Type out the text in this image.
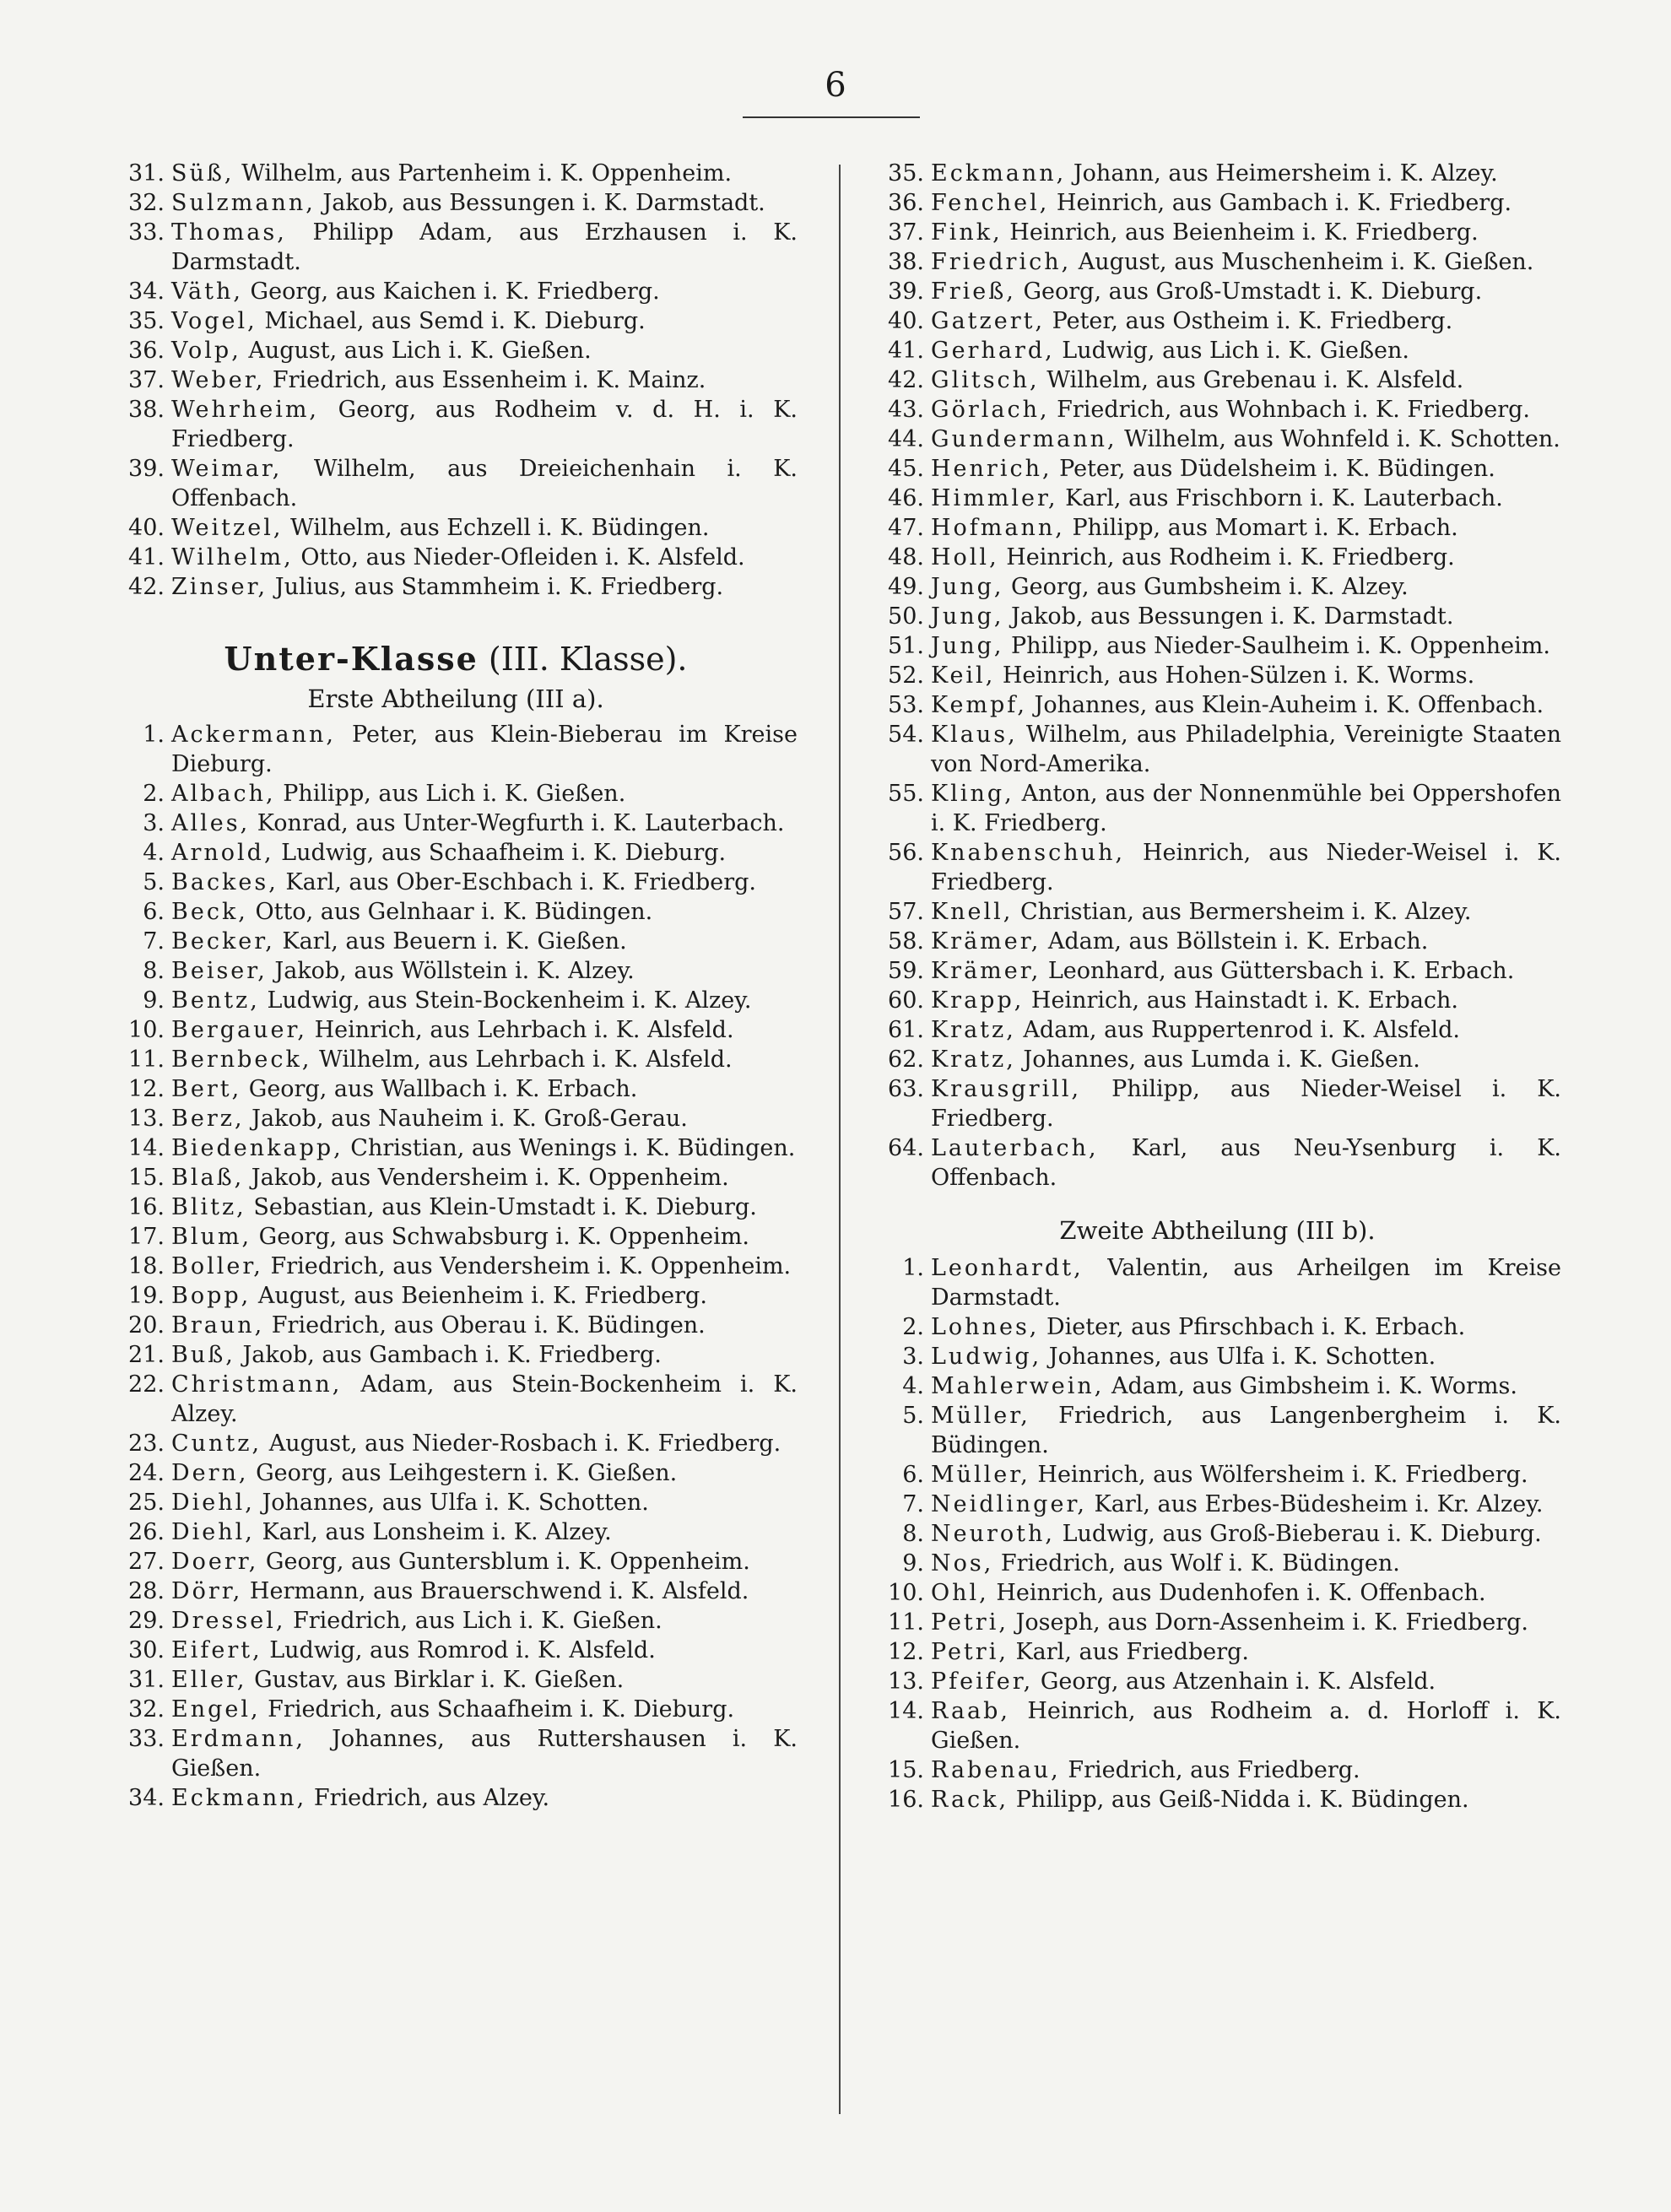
6

31. Süß, Wilhelm, aus Partenheim i. K. Oppenheim.

32. Sulzmann, Jakob, aus Bessungen i. K. Darmstadt.

33. Thomas, Philipp Adam, aus Erzhausen i. K. Darmstadt.

34. Väth, Georg, aus Kaichen i. K. Friedberg.

35. Vogel, Michael, aus Semd i. K. Dieburg.

36. Volp, August, aus Lich i. K. Gießen.

37. Weber, Friedrich, aus Essenheim i. K. Mainz.

38. Wehrheim, Georg, aus Rodheim v. d. H. i. K. Friedberg.

39. Weimar, Wilhelm, aus Dreieichenhain i. K. Offenbach.

40. Weitzel, Wilhelm, aus Echzell i. K. Büdingen.

41. Wilhelm, Otto, aus Nieder-Ofleiden i. K. Alsfeld.

42. Zinser, Julius, aus Stammheim i. K. Friedberg.

Unter-Klasse (III. Klasse).
Erste Abtheilung (III a).

1. Ackermann, Peter, aus Klein-Bieberau im Kreise Dieburg.

2. Albach, Philipp, aus Lich i. K. Gießen.

3. Alles, Konrad, aus Unter-Wegfurth i. K. Lauterbach.

4. Arnold, Ludwig, aus Schaafheim i. K. Dieburg.

5. Backes, Karl, aus Ober-Eschbach i. K. Friedberg.

6. Beck, Otto, aus Gelnhaar i. K. Büdingen.

7. Becker, Karl, aus Beuern i. K. Gießen.

8. Beiser, Jakob, aus Wöllstein i. K. Alzey.

9. Bentz, Ludwig, aus Stein-Bockenheim i. K. Alzey.

10. Bergauer, Heinrich, aus Lehrbach i. K. Alsfeld.

11. Bernbeck, Wilhelm, aus Lehrbach i. K. Alsfeld.

12. Bert, Georg, aus Wallbach i. K. Erbach.

13. Berz, Jakob, aus Nauheim i. K. Groß-Gerau.

14. Biedenkapp, Christian, aus Wenings i. K. Büdingen.

15. Blaß, Jakob, aus Vendersheim i. K. Oppenheim.

16. Blitz, Sebastian, aus Klein-Umstadt i. K. Dieburg.

17. Blum, Georg, aus Schwabsburg i. K. Oppenheim.

18. Boller, Friedrich, aus Vendersheim i. K. Oppenheim.

19. Bopp, August, aus Beienheim i. K. Friedberg.

20. Braun, Friedrich, aus Oberau i. K. Büdingen.

21. Buß, Jakob, aus Gambach i. K. Friedberg.

22. Christmann, Adam, aus Stein-Bockenheim i. K. Alzey.

23. Cuntz, August, aus Nieder-Rosbach i. K. Friedberg.

24. Dern, Georg, aus Leihgestern i. K. Gießen.

25. Diehl, Johannes, aus Ulfa i. K. Schotten.

26. Diehl, Karl, aus Lonsheim i. K. Alzey.

27. Doerr, Georg, aus Guntersblum i. K. Oppenheim.

28. Dörr, Hermann, aus Brauerschwend i. K. Alsfeld.

29. Dressel, Friedrich, aus Lich i. K. Gießen.

30. Eifert, Ludwig, aus Romrod i. K. Alsfeld.

31. Eller, Gustav, aus Birklar i. K. Gießen.

32. Engel, Friedrich, aus Schaafheim i. K. Dieburg.

33. Erdmann, Johannes, aus Ruttershausen i. K. Gießen.

34. Eckmann, Friedrich, aus Alzey.

35. Eckmann, Johann, aus Heimersheim i. K. Alzey.

36. Fenchel, Heinrich, aus Gambach i. K. Friedberg.

37. Fink, Heinrich, aus Beienheim i. K. Friedberg.

38. Friedrich, August, aus Muschenheim i. K. Gießen.

39. Frieß, Georg, aus Groß-Umstadt i. K. Dieburg.

40. Gatzert, Peter, aus Ostheim i. K. Friedberg.

41. Gerhard, Ludwig, aus Lich i. K. Gießen.

42. Glitsch, Wilhelm, aus Grebenau i. K. Alsfeld.

43. Görlach, Friedrich, aus Wohnbach i. K. Friedberg.

44. Gundermann, Wilhelm, aus Wohnfeld i. K. Schotten.

45. Henrich, Peter, aus Düdelsheim i. K. Büdingen.

46. Himmler, Karl, aus Frischborn i. K. Lauterbach.

47. Hofmann, Philipp, aus Momart i. K. Erbach.

48. Holl, Heinrich, aus Rodheim i. K. Friedberg.

49. Jung, Georg, aus Gumbsheim i. K. Alzey.

50. Jung, Jakob, aus Bessungen i. K. Darmstadt.

51. Jung, Philipp, aus Nieder-Saulheim i. K. Oppenheim.

52. Keil, Heinrich, aus Hohen-Sülzen i. K. Worms.

53. Kempf, Johannes, aus Klein-Auheim i. K. Offenbach.

54. Klaus, Wilhelm, aus Philadelphia, Vereinigte Staaten von Nord-Amerika.

55. Kling, Anton, aus der Nonnenmühle bei Oppershofen i. K. Friedberg.

56. Knabenschuh, Heinrich, aus Nieder-Weisel i. K. Friedberg.

57. Knell, Christian, aus Bermersheim i. K. Alzey.

58. Krämer, Adam, aus Böllstein i. K. Erbach.

59. Krämer, Leonhard, aus Güttersbach i. K. Erbach.

60. Krapp, Heinrich, aus Hainstadt i. K. Erbach.

61. Kratz, Adam, aus Ruppertenrod i. K. Alsfeld.

62. Kratz, Johannes, aus Lumda i. K. Gießen.

63. Krausgrill, Philipp, aus Nieder-Weisel i. K. Friedberg.

64. Lauterbach, Karl, aus Neu-Ysenburg i. K. Offenbach.

Zweite Abtheilung (III b).

1. Leonhardt, Valentin, aus Arheilgen im Kreise Darmstadt.

2. Lohnes, Dieter, aus Pfirschbach i. K. Erbach.

3. Ludwig, Johannes, aus Ulfa i. K. Schotten.

4. Mahlerwein, Adam, aus Gimbsheim i. K. Worms.

5. Müller, Friedrich, aus Langenbergheim i. K. Büdingen.

6. Müller, Heinrich, aus Wölfersheim i. K. Friedberg.

7. Neidlinger, Karl, aus Erbes-Büdesheim i. Kr. Alzey.

8. Neuroth, Ludwig, aus Groß-Bieberau i. K. Dieburg.

9. Nos, Friedrich, aus Wolf i. K. Büdingen.

10. Ohl, Heinrich, aus Dudenhofen i. K. Offenbach.

11. Petri, Joseph, aus Dorn-Assenheim i. K. Friedberg.

12. Petri, Karl, aus Friedberg.

13. Pfeifer, Georg, aus Atzenhain i. K. Alsfeld.

14. Raab, Heinrich, aus Rodheim a. d. Horloff i. K. Gießen.

15. Rabenau, Friedrich, aus Friedberg.

16. Rack, Philipp, aus Geiß-Nidda i. K. Büdingen.
